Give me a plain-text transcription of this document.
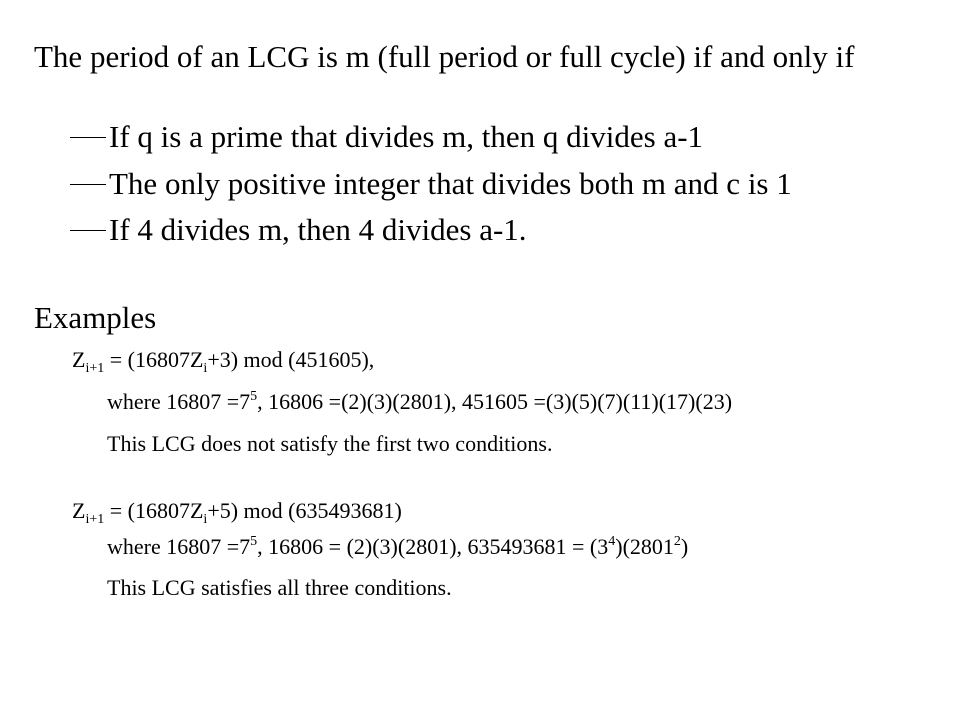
The period of an LCG is m (full period or full cycle) if and only if
If q is a prime that divides m, then q divides a-1
The only positive integer that divides both m and c is 1
If 4 divides m, then 4 divides a-1.
Examples
$Z_{i+1} = (16807Z_i+3)$ mod (451605),
where $16807 =7^5$, 16806 =(2)(3)(2801), 451605 =(3)(5)(7)(11)(17)(23)
This LCG does not satisfy the first two conditions.
$Z_{i+1} = (16807Z_i+5)$ mod (635493681)
where $16807 =7^5$, 16806 = (2)(3)(2801), $635493681 = (3^4)(2801^2)$
This LCG satisfies all three conditions.
